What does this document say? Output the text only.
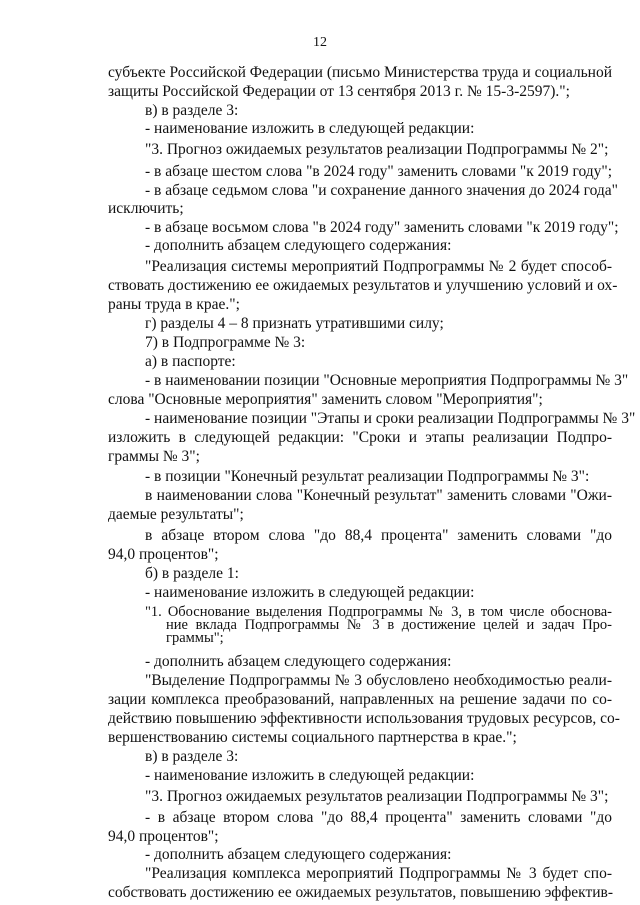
12
субъекте Российской Федерации (письмо Министерства труда и социальной
защиты Российской Федерации от 13 сентября 2013 г. № 15-3-2597).";
в) в разделе 3:
- наименование изложить в следующей редакции:
"3. Прогноз ожидаемых результатов реализации Подпрограммы № 2";
- в абзаце шестом слова "в 2024 году" заменить словами "к 2019 году";
- в абзаце седьмом слова "и сохранение данного значения до 2024 года"
исключить;
- в абзаце восьмом слова "в 2024 году" заменить словами "к 2019 году";
- дополнить абзацем следующего содержания:
"Реализация системы мероприятий Подпрограммы № 2 будет способ-
ствовать достижению ее ожидаемых результатов и улучшению условий и ох-
раны труда в крае.";
г) разделы 4 – 8 признать утратившими силу;
7) в Подпрограмме № 3:
а) в паспорте:
- в наименовании позиции "Основные мероприятия Подпрограммы № 3"
слова "Основные мероприятия" заменить словом "Мероприятия";
- наименование позиции "Этапы и сроки реализации Подпрограммы № 3"
изложить в следующей редакции: "Сроки и этапы реализации Подпро-
граммы № 3";
- в позиции "Конечный результат реализации Подпрограммы № 3":
в наименовании слова "Конечный результат" заменить словами "Ожи-
даемые результаты";
в абзаце втором слова "до 88,4 процента" заменить словами "до
94,0 процентов";
б) в разделе 1:
- наименование изложить в следующей редакции:
"1. Обоснование выделения Подпрограммы № 3, в том числе обоснова-
ние вклада Подпрограммы № 3 в достижение целей и задач Про-
граммы";
- дополнить абзацем следующего содержания:
"Выделение Подпрограммы № 3 обусловлено необходимостью реали-
зации комплекса преобразований, направленных на решение задачи по со-
действию повышению эффективности использования трудовых ресурсов, со-
вершенствованию системы социального партнерства в крае.";
в) в разделе 3:
- наименование изложить в следующей редакции:
"3. Прогноз ожидаемых результатов реализации Подпрограммы № 3";
- в абзаце втором слова "до 88,4 процента" заменить словами "до
94,0 процентов";
- дополнить абзацем следующего содержания:
"Реализация комплекса мероприятий Подпрограммы № 3 будет спо-
собствовать достижению ее ожидаемых результатов, повышению эффектив-
